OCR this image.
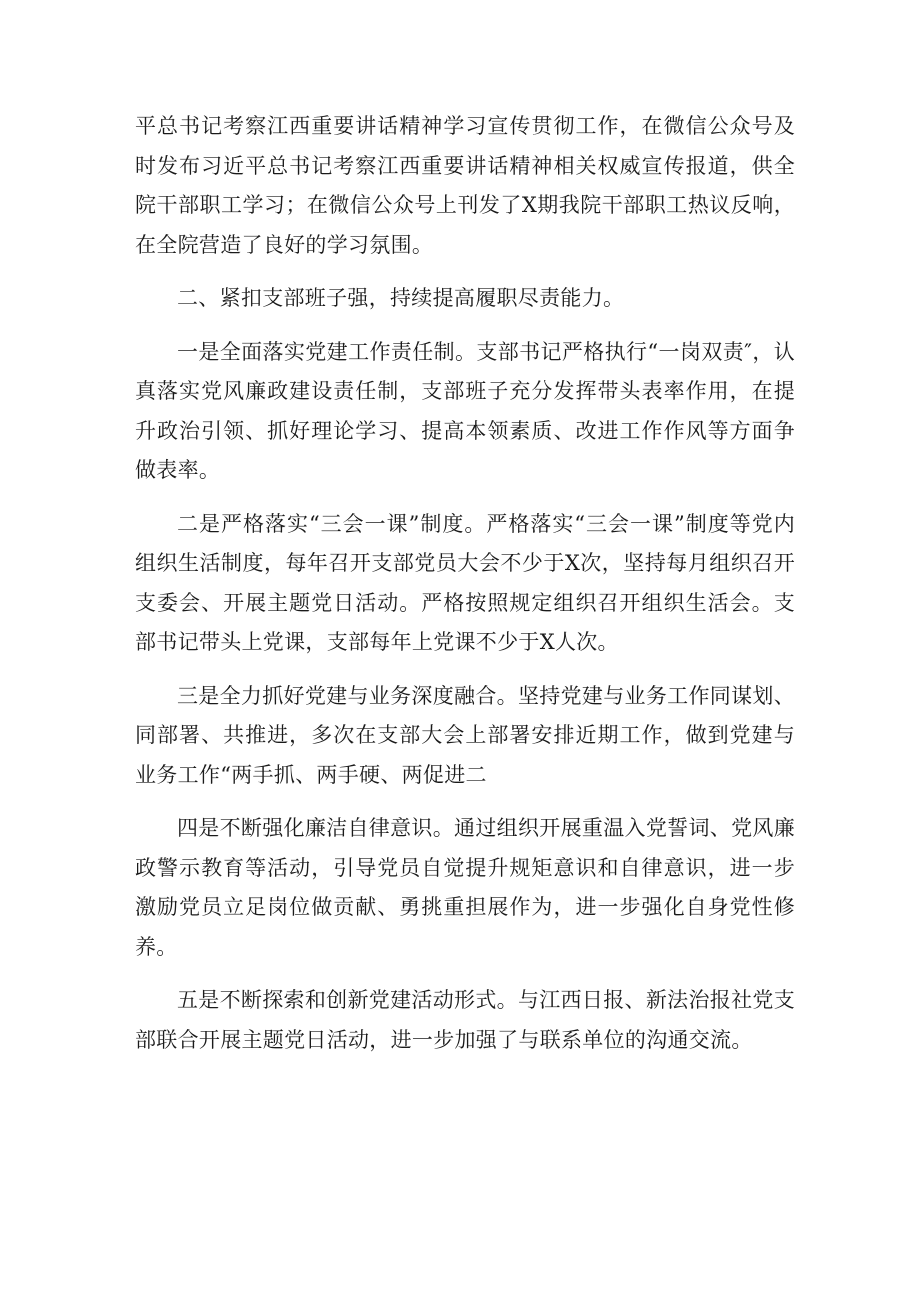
平总书记考察江西重要讲话精神学习宣传贯彻工作，在微信公众号及时发布习近平总书记考察江西重要讲话精神相关权威宣传报道，供全院干部职工学习；在微信公众号上刊发了X期我院干部职工热议反响，在全院营造了良好的学习氛围。

二、紧扣支部班子强，持续提高履职尽责能力。

一是全面落实党建工作责任制。支部书记严格执行“一岗双责″，认真落实党风廉政建设责任制，支部班子充分发挥带头表率作用，在提升政治引领、抓好理论学习、提高本领素质、改进工作作风等方面争做表率。

二是严格落实“三会一课”制度。严格落实“三会一课”制度等党内组织生活制度，每年召开支部党员大会不少于X次，坚持每月组织召开支委会、开展主题党日活动。严格按照规定组织召开组织生活会。支部书记带头上党课，支部每年上党课不少于X人次。

三是全力抓好党建与业务深度融合。坚持党建与业务工作同谋划、同部署、共推进，多次在支部大会上部署安排近期工作，做到党建与业务工作“两手抓、两手硬、两促进二

四是不断强化廉洁自律意识。通过组织开展重温入党誓词、党风廉政警示教育等活动，引导党员自觉提升规矩意识和自律意识，进一步激励党员立足岗位做贡献、勇挑重担展作为，进一步强化自身党性修养。

五是不断探索和创新党建活动形式。与江西日报、新法治报社党支部联合开展主题党日活动，进一步加强了与联系单位的沟通交流。
